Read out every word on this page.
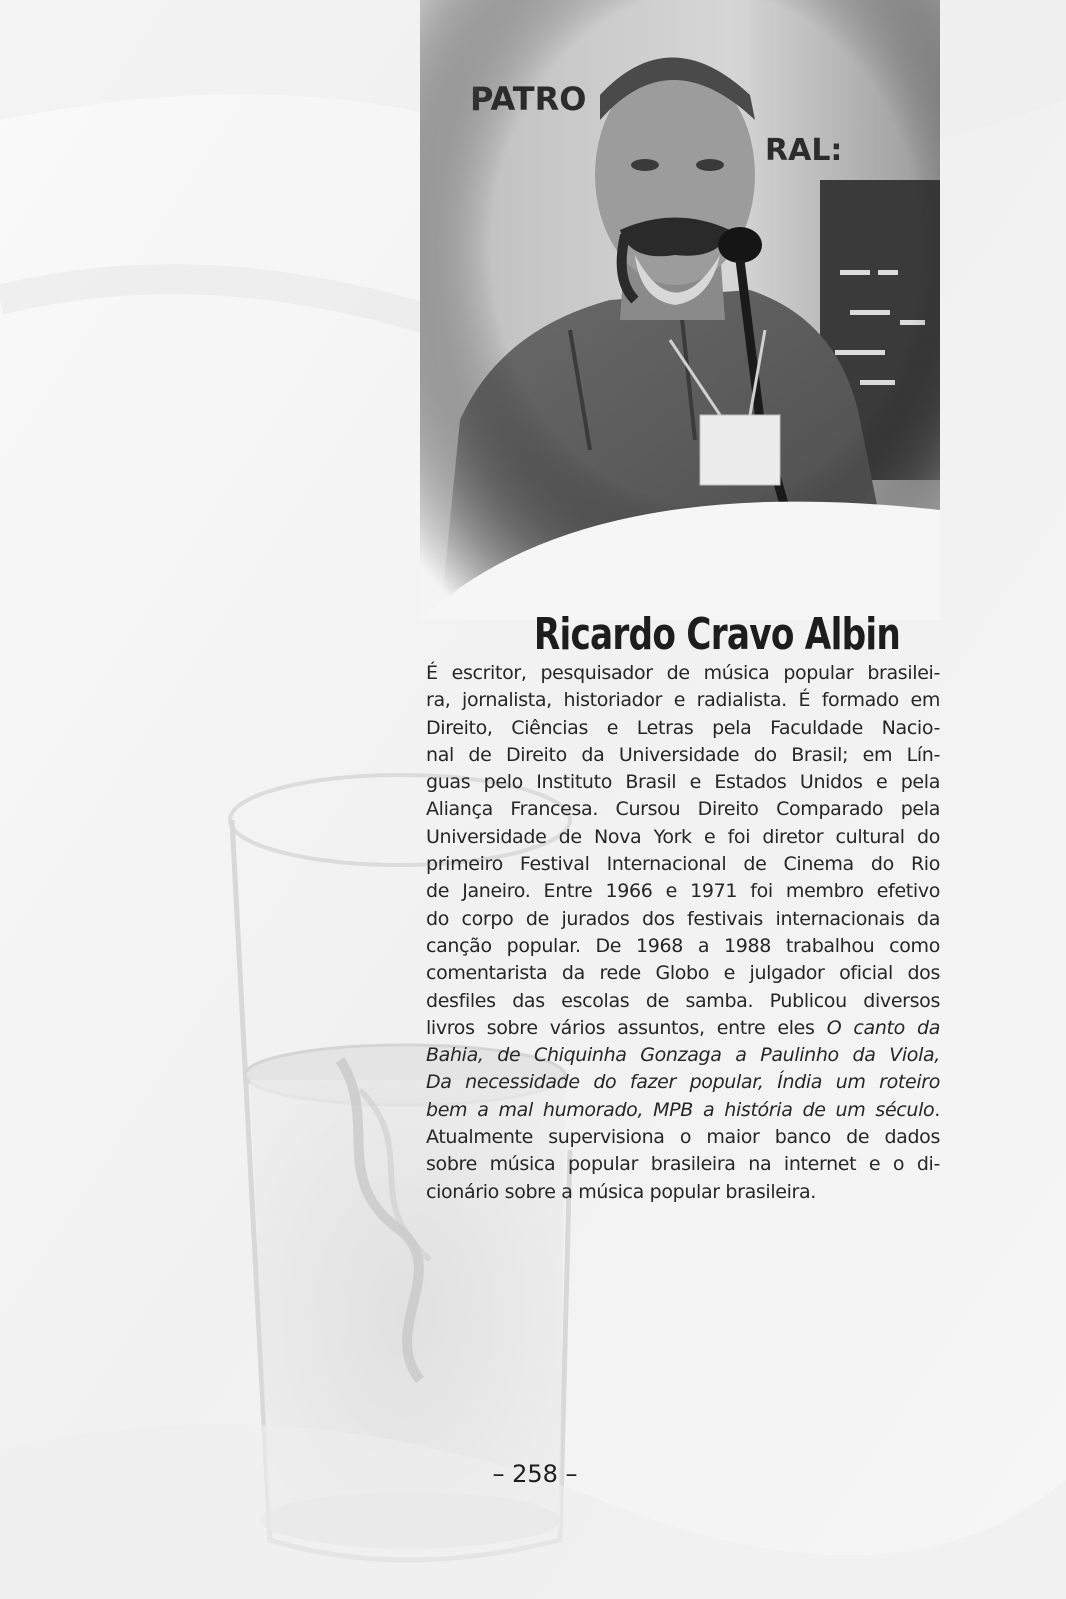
Ricardo Cravo Albin
É escritor, pesquisador de música popular brasilei-
ra, jornalista, historiador e radialista. É formado em
Direito, Ciências e Letras pela Faculdade Nacio-
nal de Direito da Universidade do Brasil; em Lín-
guas pelo Instituto Brasil e Estados Unidos e pela
Aliança Francesa. Cursou Direito Comparado pela
Universidade de Nova York e foi diretor cultural do
primeiro Festival Internacional de Cinema do Rio
de Janeiro. Entre 1966 e 1971 foi membro efetivo
do corpo de jurados dos festivais internacionais da
canção popular. De 1968 a 1988 trabalhou como
comentarista da rede Globo e julgador oficial dos
desfiles das escolas de samba. Publicou diversos
livros sobre vários assuntos, entre eles O canto da
Bahia, de Chiquinha Gonzaga a Paulinho da Viola,
Da necessidade do fazer popular, Índia um roteiro
bem a mal humorado, MPB a história de um século.
Atualmente supervisiona o maior banco de dados
sobre música popular brasileira na internet e o di-
cionário sobre a música popular brasileira.
– 258 –
